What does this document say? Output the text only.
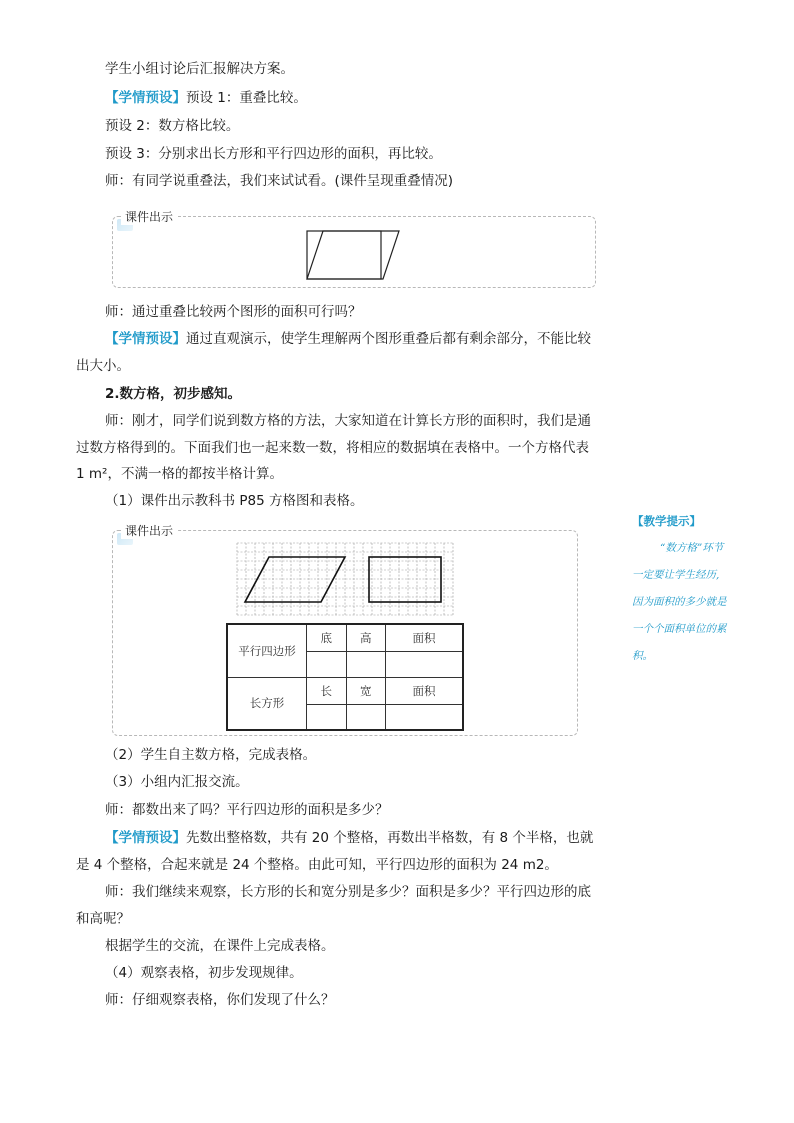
学生小组讨论后汇报解决方案。
【学情预设】预设 1：重叠比较。
预设 2：数方格比较。
预设 3：分别求出长方形和平行四边形的面积，再比较。
师：有同学说重叠法，我们来试试看。(课件呈现重叠情况)
课件出示
师：通过重叠比较两个图形的面积可行吗？
【学情预设】通过直观演示，使学生理解两个图形重叠后都有剩余部分，不能比较
出大小。
2.数方格，初步感知。
师：刚才，同学们说到数方格的方法，大家知道在计算长方形的面积时，我们是通
过数方格得到的。下面我们也一起来数一数，将相应的数据填在表格中。一个方格代表
1 m²，不满一格的都按半格计算。
（1）课件出示教科书 P85 方格图和表格。
课件出示
平行四边形	底	高	面积

长方形	长	宽	面积

【教学提示】
“数方格”环节
一定要让学生经历,
因为面积的多少就是
一个个面积单位的累
积。
（2）学生自主数方格，完成表格。
（3）小组内汇报交流。
师：都数出来了吗？平行四边形的面积是多少？
【学情预设】先数出整格数，共有 20 个整格，再数出半格数，有 8 个半格，也就
是 4 个整格，合起来就是 24 个整格。由此可知，平行四边形的面积为 24 m2。
师：我们继续来观察，长方形的长和宽分别是多少？面积是多少？平行四边形的底
和高呢？
根据学生的交流，在课件上完成表格。
（4）观察表格，初步发现规律。
师：仔细观察表格，你们发现了什么？
